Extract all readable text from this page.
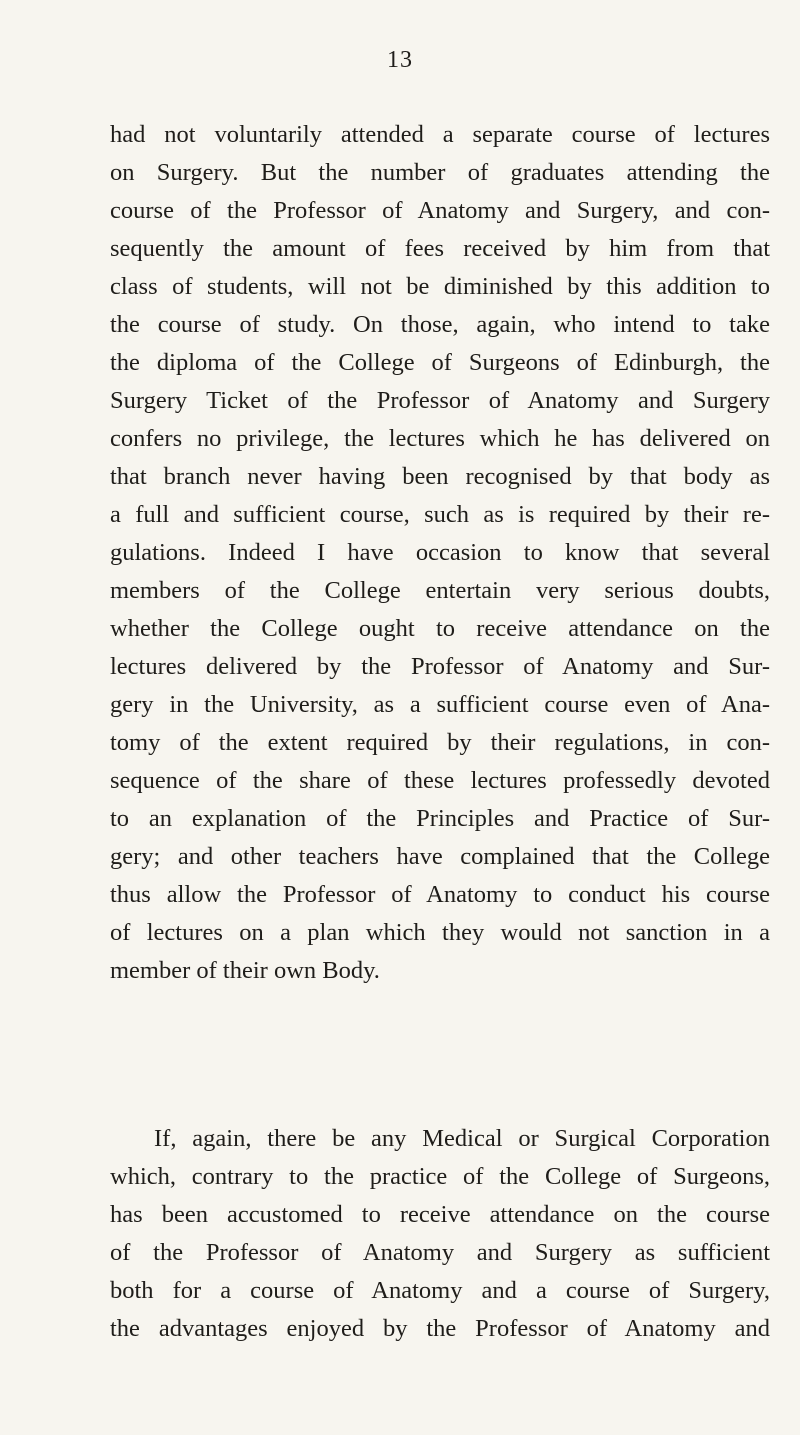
13
had not voluntarily attended a separate course of lectures
on Surgery. But the number of graduates attending the
course of the Professor of Anatomy and Surgery, and con-
sequently the amount of fees received by him from that
class of students, will not be diminished by this addition to
the course of study. On those, again, who intend to take
the diploma of the College of Surgeons of Edinburgh, the
Surgery Ticket of the Professor of Anatomy and Surgery
confers no privilege, the lectures which he has delivered on
that branch never having been recognised by that body as
a full and sufficient course, such as is required by their re-
gulations. Indeed I have occasion to know that several
members of the College entertain very serious doubts,
whether the College ought to receive attendance on the
lectures delivered by the Professor of Anatomy and Sur-
gery in the University, as a sufficient course even of Ana-
tomy of the extent required by their regulations, in con-
sequence of the share of these lectures professedly devoted
to an explanation of the Principles and Practice of Sur-
gery; and other teachers have complained that the College
thus allow the Professor of Anatomy to conduct his course
of lectures on a plan which they would not sanction in a
member of their own Body.
If, again, there be any Medical or Surgical Corporation
which, contrary to the practice of the College of Surgeons,
has been accustomed to receive attendance on the course
of the Professor of Anatomy and Surgery as sufficient
both for a course of Anatomy and a course of Surgery,
the advantages enjoyed by the Professor of Anatomy and
